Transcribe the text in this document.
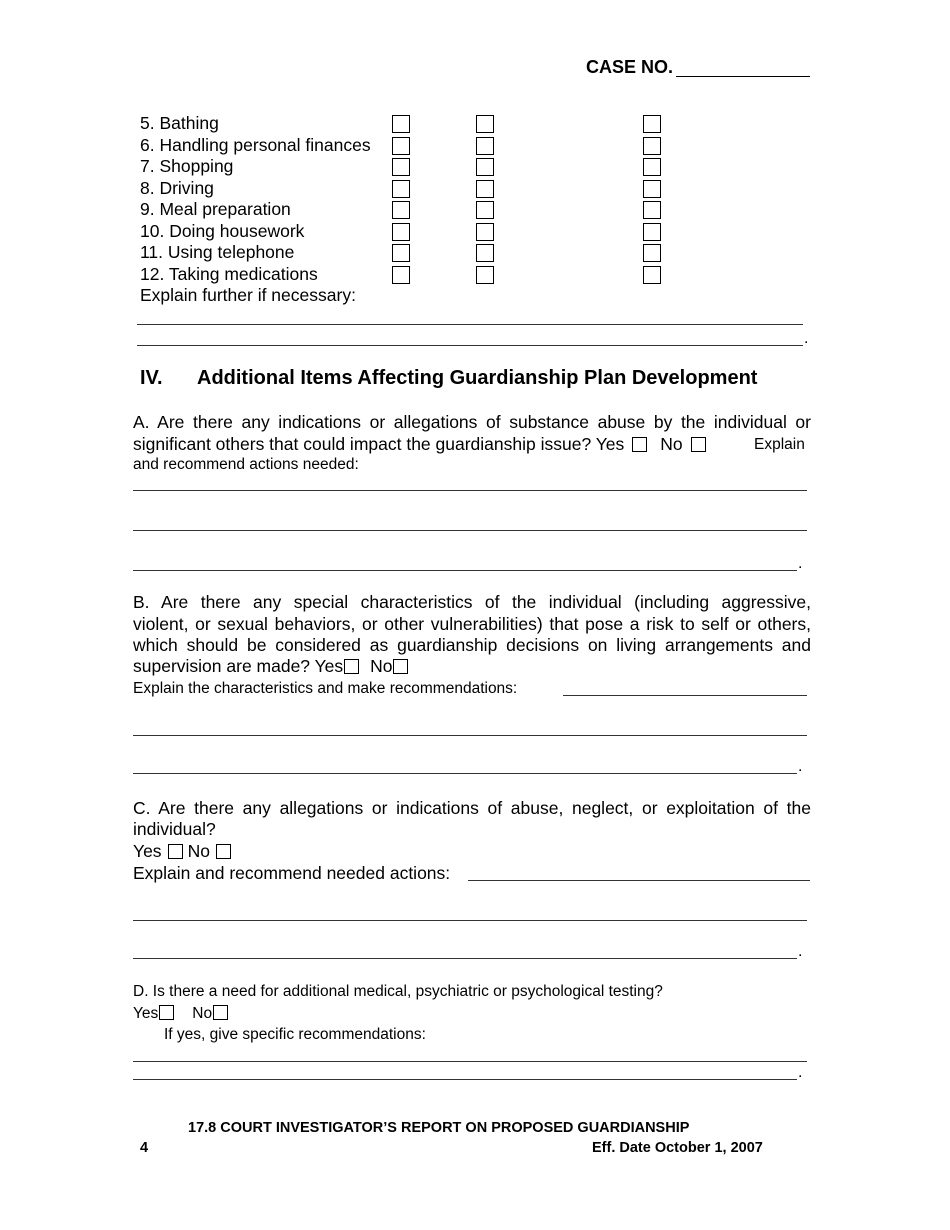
CASE NO.
5. Bathing
6. Handling personal finances
7. Shopping
8. Driving
9. Meal preparation
10. Doing housework
11. Using telephone
12. Taking medications
Explain further if necessary:
.
IV. Additional Items Affecting Guardianship Plan Development
A. Are there any indications or allegations of substance abuse by the individual or
significant others that could impact the guardianship issue? Yes No	Explain
and recommend actions needed:
.
B. Are there any special characteristics of the individual (including aggressive,
violent, or sexual behaviors, or other vulnerabilities) that pose a risk to self or others,
which should be considered as guardianship decisions on living arrangements and
supervision are made? Yes No
Explain the characteristics and make recommendations:
.
C. Are there any allegations or indications of abuse, neglect, or exploitation of the
individual?
Yes No
Explain and recommend needed actions:
.
D. Is there a need for additional medical, psychiatric or psychological testing?
Yes No
If yes, give specific recommendations:
.
17.8 COURT INVESTIGATOR’S REPORT ON PROPOSED GUARDIANSHIP
4	Eff. Date October 1, 2007
